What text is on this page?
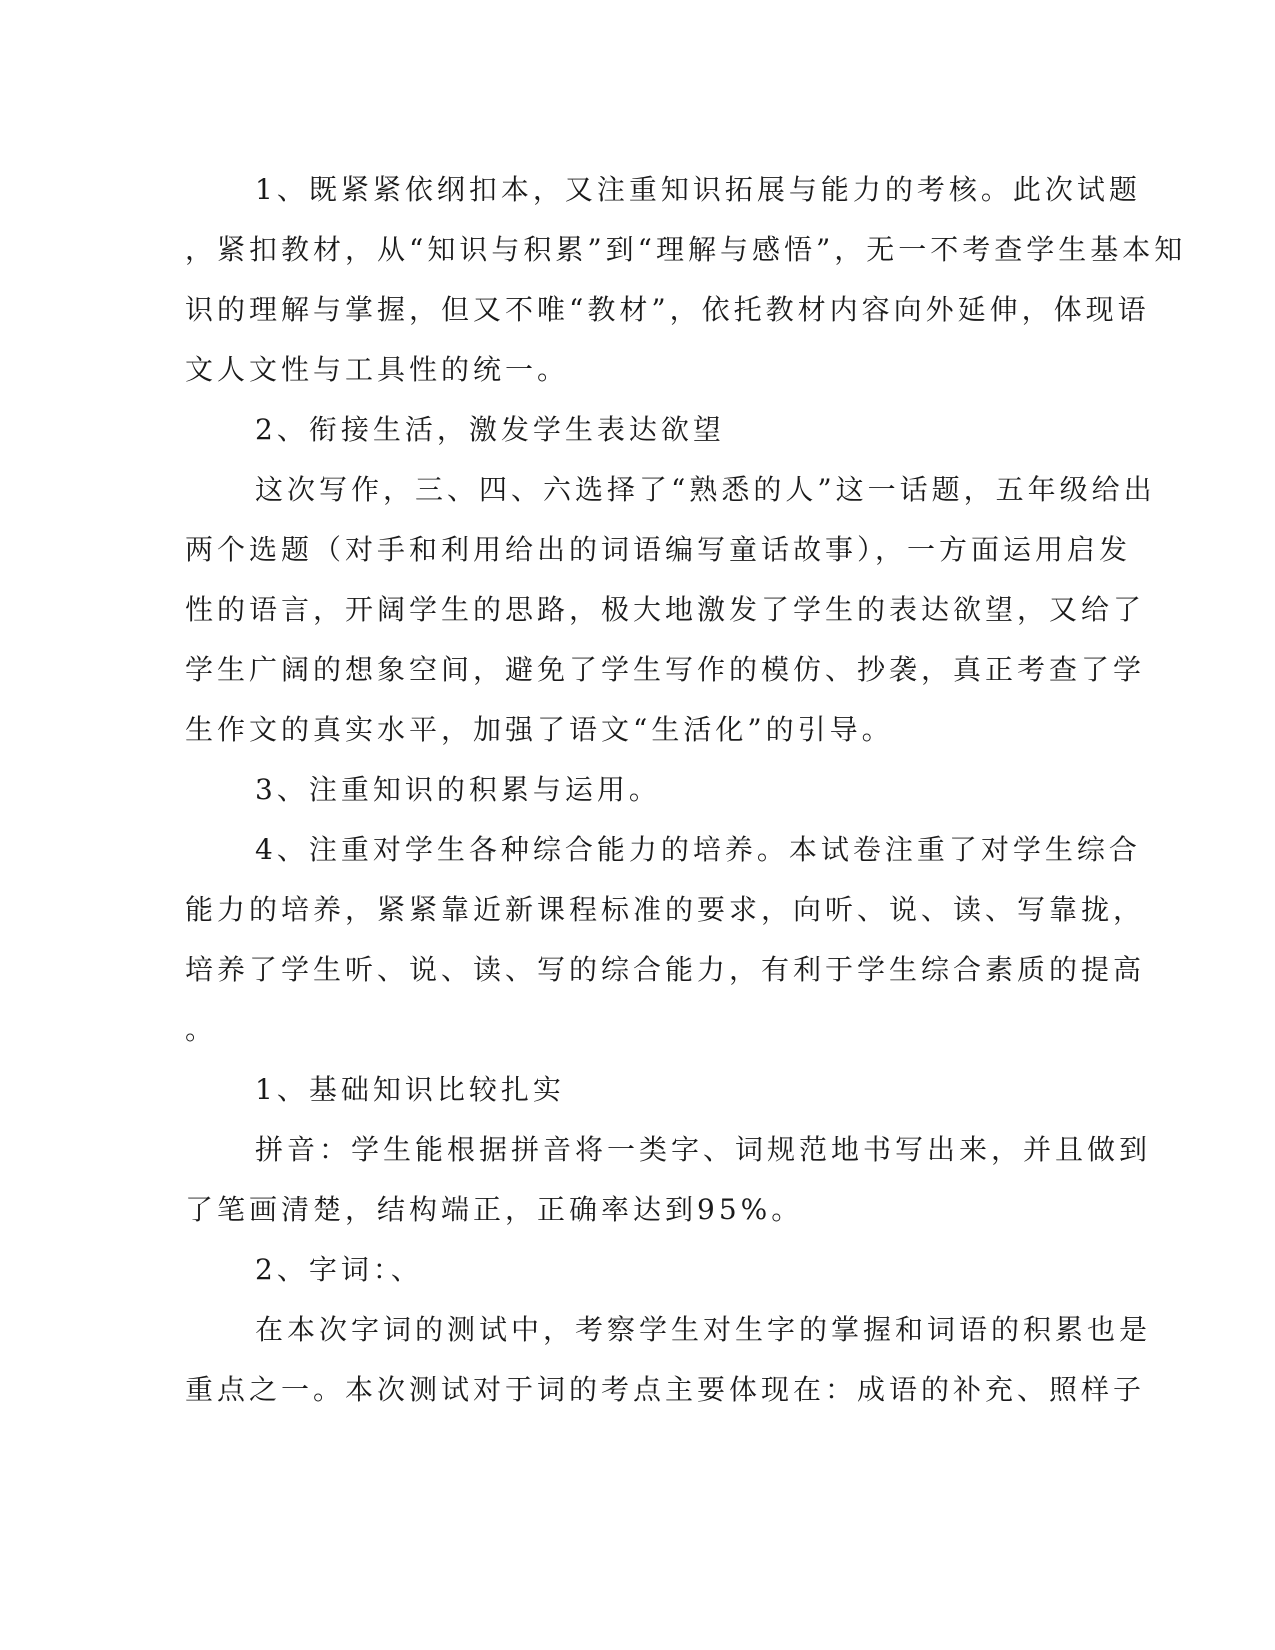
1、既紧紧依纲扣本，又注重知识拓展与能力的考核。此次试题
，紧扣教材，从“知识与积累”到“理解与感悟”，无一不考查学生基本知
识的理解与掌握，但又不唯“教材”，依托教材内容向外延伸，体现语
文人文性与工具性的统一。
2、衔接生活，激发学生表达欲望
这次写作，三、四、六选择了“熟悉的人”这一话题，五年级给出
两个选题（对手和利用给出的词语编写童话故事），一方面运用启发
性的语言，开阔学生的思路，极大地激发了学生的表达欲望，又给了
学生广阔的想象空间，避免了学生写作的模仿、抄袭，真正考查了学
生作文的真实水平，加强了语文“生活化”的引导。
3、注重知识的积累与运用。
4、注重对学生各种综合能力的培养。本试卷注重了对学生综合
能力的培养，紧紧靠近新课程标准的要求，向听、说、读、写靠拢，
培养了学生听、说、读、写的综合能力，有利于学生综合素质的提高
。
1、基础知识比较扎实
拼音：学生能根据拼音将一类字、词规范地书写出来，并且做到
了笔画清楚，结构端正，正确率达到95%。
2、字词：、
在本次字词的测试中，考察学生对生字的掌握和词语的积累也是
重点之一。本次测试对于词的考点主要体现在：成语的补充、照样子
